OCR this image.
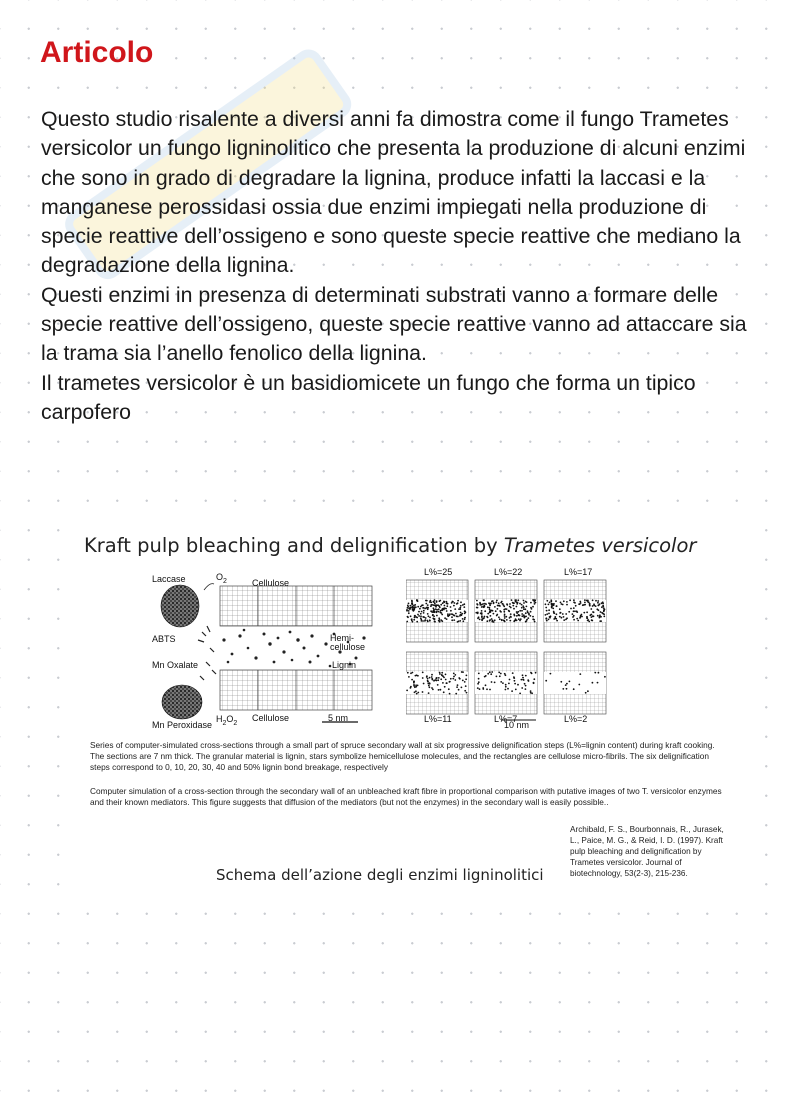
Articolo

Questo studio risalente a diversi anni fa dimostra come il fungo Trametes versicolor un fungo ligninolitico che presenta la produzione di alcuni enzimi che sono in grado di degradare la lignina, produce infatti la laccasi e la manganese perossidasi ossia due enzimi impiegati nella produzione di specie reattive dell’ossigeno e sono queste specie reattive che mediano la degradazione della lignina.

Questi enzimi in presenza di determinati substrati vanno a formare delle specie reattive dell’ossigeno, queste specie reattive vanno ad attaccare sia la trama sia l’anello fenolico della lignina.

Il trametes versicolor è un basidiomicete un fungo che forma un tipico carpofero

Kraft pulp bleaching and delignification by Trametes versicolor
Laccase	$O_2$	Cellulose
ABTS	Hemi-
cellulose
Lignin
Mn Oxalate
Mn Peroxidase
$H_2O_2$
Cellulose	5 nm
L%=25	L%=22	L%=17
L%=11	L%=7	L%=2
10 nm

Series of computer-simulated cross-sections through a small part of spruce secondary wall at six progressive delignification steps (L%=lignin content) during kraft cooking. The sections are 7 nm thick. The granular material is lignin, stars symbolize hemicellulose molecules, and the rectangles are cellulose micro-fibrils. The six delignification steps correspond to 0, 10, 20, 30, 40 and 50% lignin bond breakage, respectively

Computer simulation of a cross-section through the secondary wall of an unbleached kraft fibre in proportional comparison with putative images of two T. versicolor enzymes and their known mediators. This figure suggests that diffusion of the mediators (but not the enzymes) in the secondary wall is easily possible..

Archibald, F. S., Bourbonnais, R., Jurasek, L., Paice, M. G., & Reid, I. D. (1997). Kraft pulp bleaching and delignification by Trametes versicolor. Journal of biotechnology, 53(2-3), 215-236.

Schema dell’azione degli enzimi ligninolitici
